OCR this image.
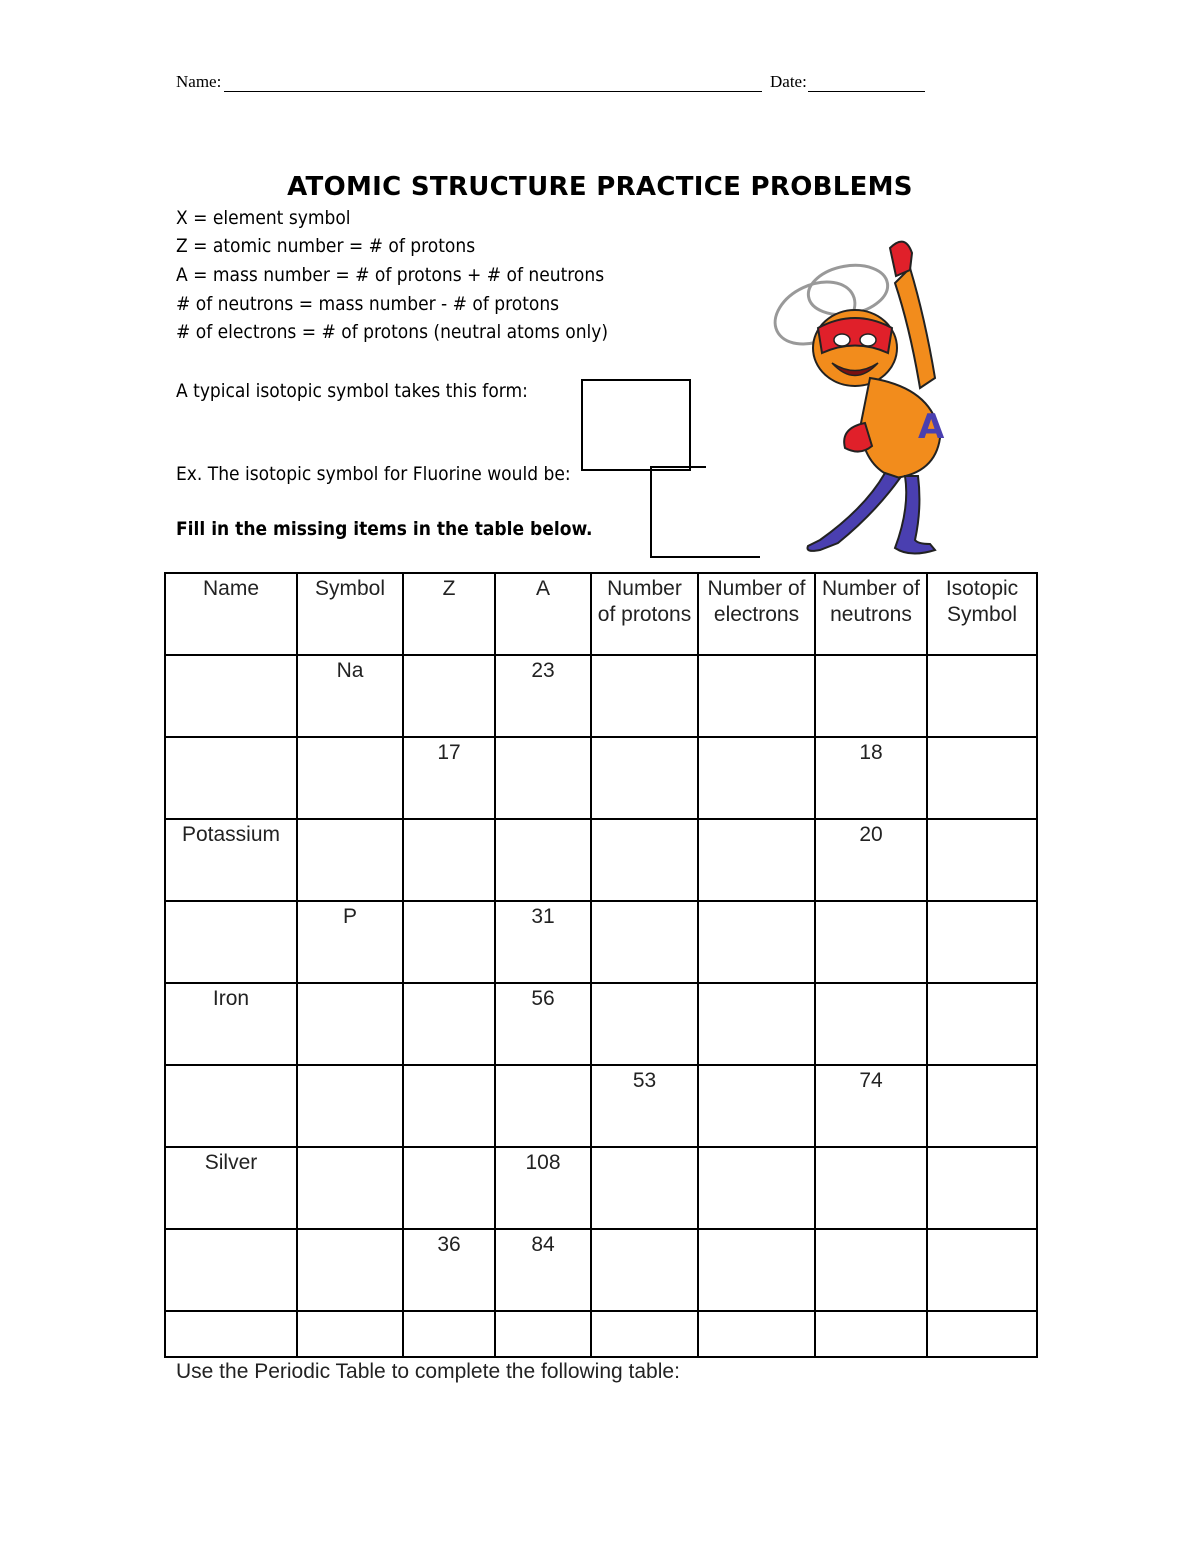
Name:	Date:
ATOMIC STRUCTURE PRACTICE PROBLEMS
X = element symbol
Z = atomic number = # of protons
A = mass number = # of protons + # of neutrons
# of neutrons = mass number - # of protons
# of electrons = # of protons (neutral atoms only)
A typical isotopic symbol takes this form:
Ex. The isotopic symbol for Fluorine would be:
Fill in the missing items in the table below.
A
Name	Symbol	Z	A	Number of protons	Number of electrons	Number of neutrons	Isotopic Symbol
	Na		23				
		17				18	
Potassium						20	
	P		31				
Iron			56				
				53		74	
Silver			108				
		36	84				

Use the Periodic Table to complete the following table:
